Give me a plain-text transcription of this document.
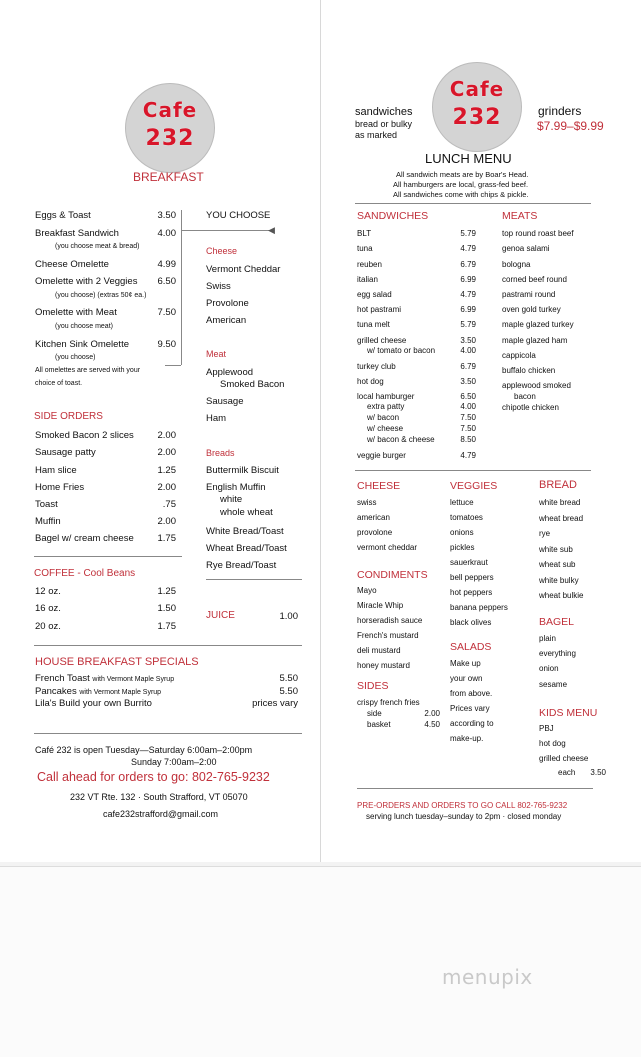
Cafe
232
BREAKFAST
Eggs & Toast	3.50
Breakfast Sandwich	4.00
(you choose meat & bread)
Cheese Omelette	4.99
Omelette with 2 Veggies	6.50
(you choose) (extras 50¢ ea.)
Omelette with Meat	7.50
(you choose meat)
Kitchen Sink Omelette	9.50
(you choose)
All omelettes are served with your
choice of toast.
◀
YOU CHOOSE
Cheese
Vermont Cheddar
Swiss
Provolone
American
Meat
Applewood
Smoked Bacon
Sausage
Ham
Breads
Buttermilk Biscuit
English Muffin
white
whole wheat
White Bread/Toast
Wheat Bread/Toast
Rye Bread/Toast
SIDE ORDERS
Smoked Bacon 2 slices	2.00
Sausage patty	2.00
Ham slice	1.25
Home Fries	2.00
Toast	.75
Muffin	2.00
Bagel w/ cream cheese	1.75
COFFEE - Cool Beans
12 oz.	1.25
16 oz.	1.50
20 oz.	1.75
JUICE	1.00
HOUSE BREAKFAST SPECIALS
French Toast with Vermont Maple Syrup	5.50
Pancakes with Vermont Maple Syrup	5.50
Lila's Build your own Burrito	prices vary
Café 232 is open Tuesday—Saturday 6:00am–2:00pm
Sunday 7:00am–2:00
Call ahead for orders to go: 802-765-9232
232 VT Rte. 132 · South Strafford, VT 05070
cafe232strafford@gmail.com
Cafe
232
sandwiches
bread or bulky
as marked
grinders
$7.99–$9.99
LUNCH MENU
All sandwich meats are by Boar's Head.
All hamburgers are local, grass-fed beef.
All sandwiches come with chips & pickle.
SANDWICHES
BLT	5.79
tuna	4.79
reuben	6.79
italian	6.99
egg salad	4.79
hot pastrami	6.99
tuna melt	5.79
grilled cheese	3.50
w/ tomato or bacon	4.00
turkey club	6.79
hot dog	3.50
local hamburger	6.50
extra patty	4.00
w/ bacon	7.50
w/ cheese	7.50
w/ bacon & cheese	8.50
veggie burger	4.79
MEATS
top round roast beef
genoa salami
bologna
corned beef round
pastrami round
oven gold turkey
maple glazed turkey
maple glazed ham
cappicola
buffalo chicken
applewood smoked
bacon
chipotle chicken
CHEESE
swiss
american
provolone
vermont cheddar
CONDIMENTS
Mayo
Miracle Whip
horseradish sauce
French's mustard
deli mustard
honey mustard
SIDES
crispy french fries
side	2.00
basket	4.50
VEGGIES
lettuce
tomatoes
onions
pickles
sauerkraut
bell peppers
hot peppers
banana peppers
black olives
SALADS
Make up
your own
from above.
Prices vary
according to
make-up.
BREAD
white bread
wheat bread
rye
white sub
wheat sub
white bulky
wheat bulkie
BAGEL
plain
everything
onion
sesame
KIDS MENU
PBJ
hot dog
grilled cheese
each	3.50
PRE-ORDERS AND ORDERS TO GO CALL 802-765-9232
serving lunch tuesday–sunday to 2pm · closed monday
menupix
